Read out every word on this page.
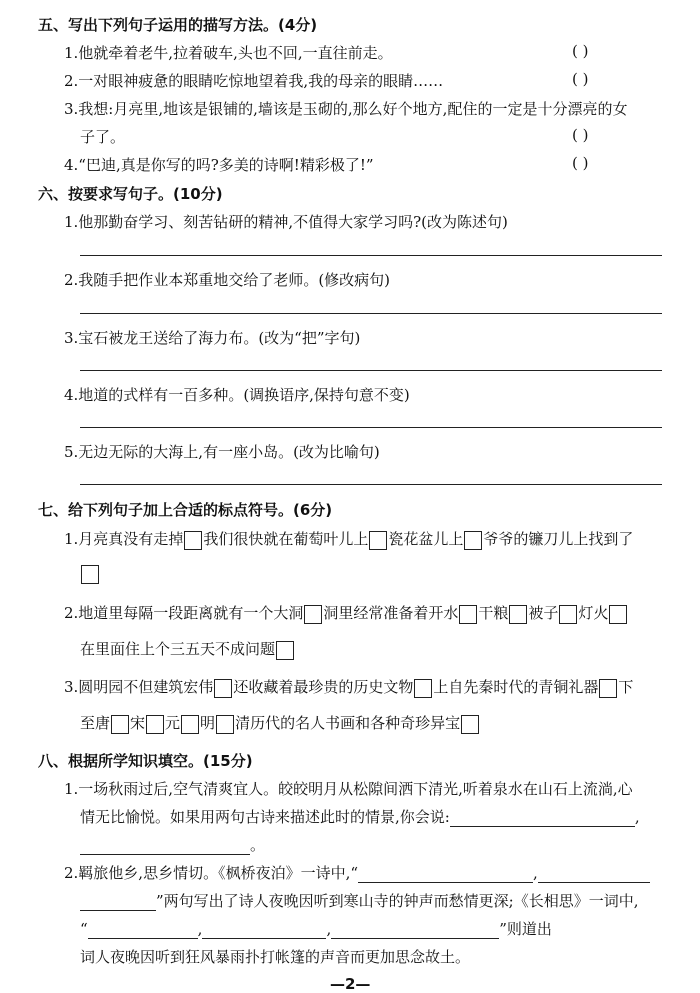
五、写出下列句子运用的描写方法。(4分)
1.他就牵着老牛,拉着破车,头也不回,一直往前走。	( )
2.一对眼神疲惫的眼睛吃惊地望着我,我的母亲的眼睛……	( )
3.我想:月亮里,地该是银铺的,墙该是玉砌的,那么好个地方,配住的一定是十分漂亮的女
子了。	( )
4.“巴迪,真是你写的吗?多美的诗啊!精彩极了!”	( )
六、按要求写句子。(10分)
1.他那勤奋学习、刻苦钻研的精神,不值得大家学习吗?(改为陈述句)
2.我随手把作业本郑重地交给了老师。(修改病句)
3.宝石被龙王送给了海力布。(改为“把”字句)
4.地道的式样有一百多种。(调换语序,保持句意不变)
5.无边无际的大海上,有一座小岛。(改为比喻句)
七、给下列句子加上合适的标点符号。(6分)
1.月亮真没有走掉 我们很快就在葡萄叶儿上 瓷花盆儿上 爷爷的镰刀儿上找到了
2.地道里每隔一段距离就有一个大洞 洞里经常准备着开水 干粮 被子 灯火
在里面住上个三五天不成问题
3.圆明园不但建筑宏伟 还收藏着最珍贵的历史文物 上自先秦时代的青铜礼器 下
至唐 宋 元 明 清历代的名人书画和各种奇珍异宝
八、根据所学知识填空。(15分)
1.一场秋雨过后,空气清爽宜人。皎皎明月从松隙间洒下清光,听着泉水在山石上流淌,心
情无比愉悦。如果用两句古诗来描述此时的情景,你会说:	,
。
2.羁旅他乡,思乡情切。《枫桥夜泊》一诗中,“	,
”两句写出了诗人夜晚因听到寒山寺的钟声而愁情更深;《长相思》一词中,
“	,	,	”则道出
词人夜晚因听到狂风暴雨扑打帐篷的声音而更加思念故土。
—2—
